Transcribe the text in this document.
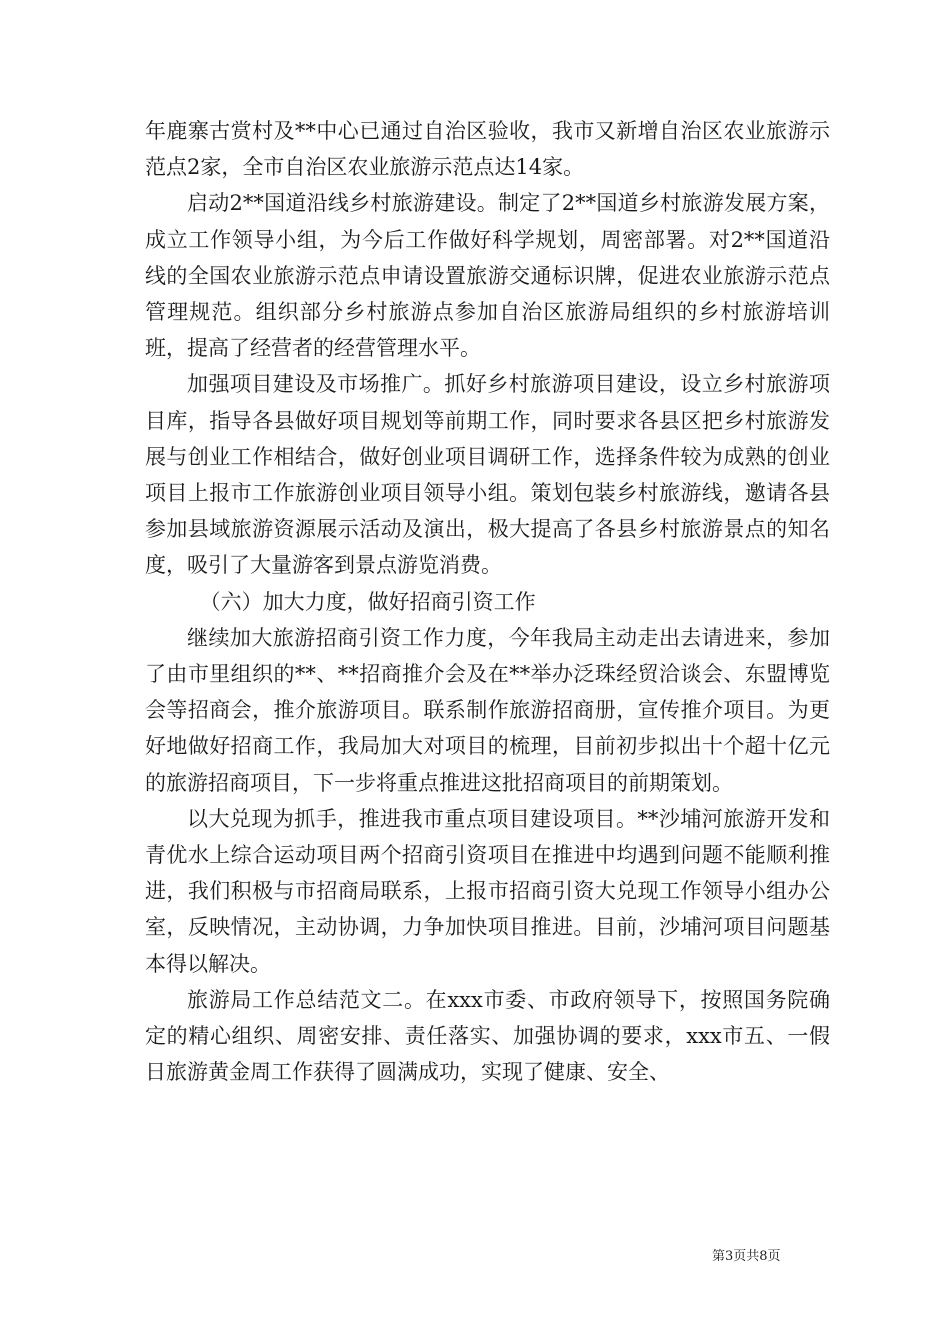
年鹿寨古赏村及**中心已通过自治区验收，我市又新增自治区农业旅游示范点2家，全市自治区农业旅游示范点达14家。

启动2**国道沿线乡村旅游建设。制定了2**国道乡村旅游发展方案，成立工作领导小组，为今后工作做好科学规划，周密部署。对2**国道沿线的全国农业旅游示范点申请设置旅游交通标识牌，促进农业旅游示范点管理规范。组织部分乡村旅游点参加自治区旅游局组织的乡村旅游培训班，提高了经营者的经营管理水平。

加强项目建设及市场推广。抓好乡村旅游项目建设，设立乡村旅游项目库，指导各县做好项目规划等前期工作，同时要求各县区把乡村旅游发展与创业工作相结合，做好创业项目调研工作，选择条件较为成熟的创业项目上报市工作旅游创业项目领导小组。策划包装乡村旅游线，邀请各县参加县域旅游资源展示活动及演出，极大提高了各县乡村旅游景点的知名度，吸引了大量游客到景点游览消费。

（六）加大力度，做好招商引资工作

继续加大旅游招商引资工作力度，今年我局主动走出去请进来，参加了由市里组织的**、**招商推介会及在**举办泛珠经贸洽谈会、东盟博览会等招商会，推介旅游项目。联系制作旅游招商册，宣传推介项目。为更好地做好招商工作，我局加大对项目的梳理，目前初步拟出十个超十亿元的旅游招商项目，下一步将重点推进这批招商项目的前期策划。

以大兑现为抓手，推进我市重点项目建设项目。**沙埔河旅游开发和青优水上综合运动项目两个招商引资项目在推进中均遇到问题不能顺利推进，我们积极与市招商局联系，上报市招商引资大兑现工作领导小组办公室，反映情况，主动协调，力争加快项目推进。目前，沙埔河项目问题基本得以解决。

旅游局工作总结范文二。在xxx市委、市政府领导下，按照国务院确定的精心组织、周密安排、责任落实、加强协调的要求，xxx市五、一假日旅游黄金周工作获得了圆满成功，实现了健康、安全、

第3页共8页
